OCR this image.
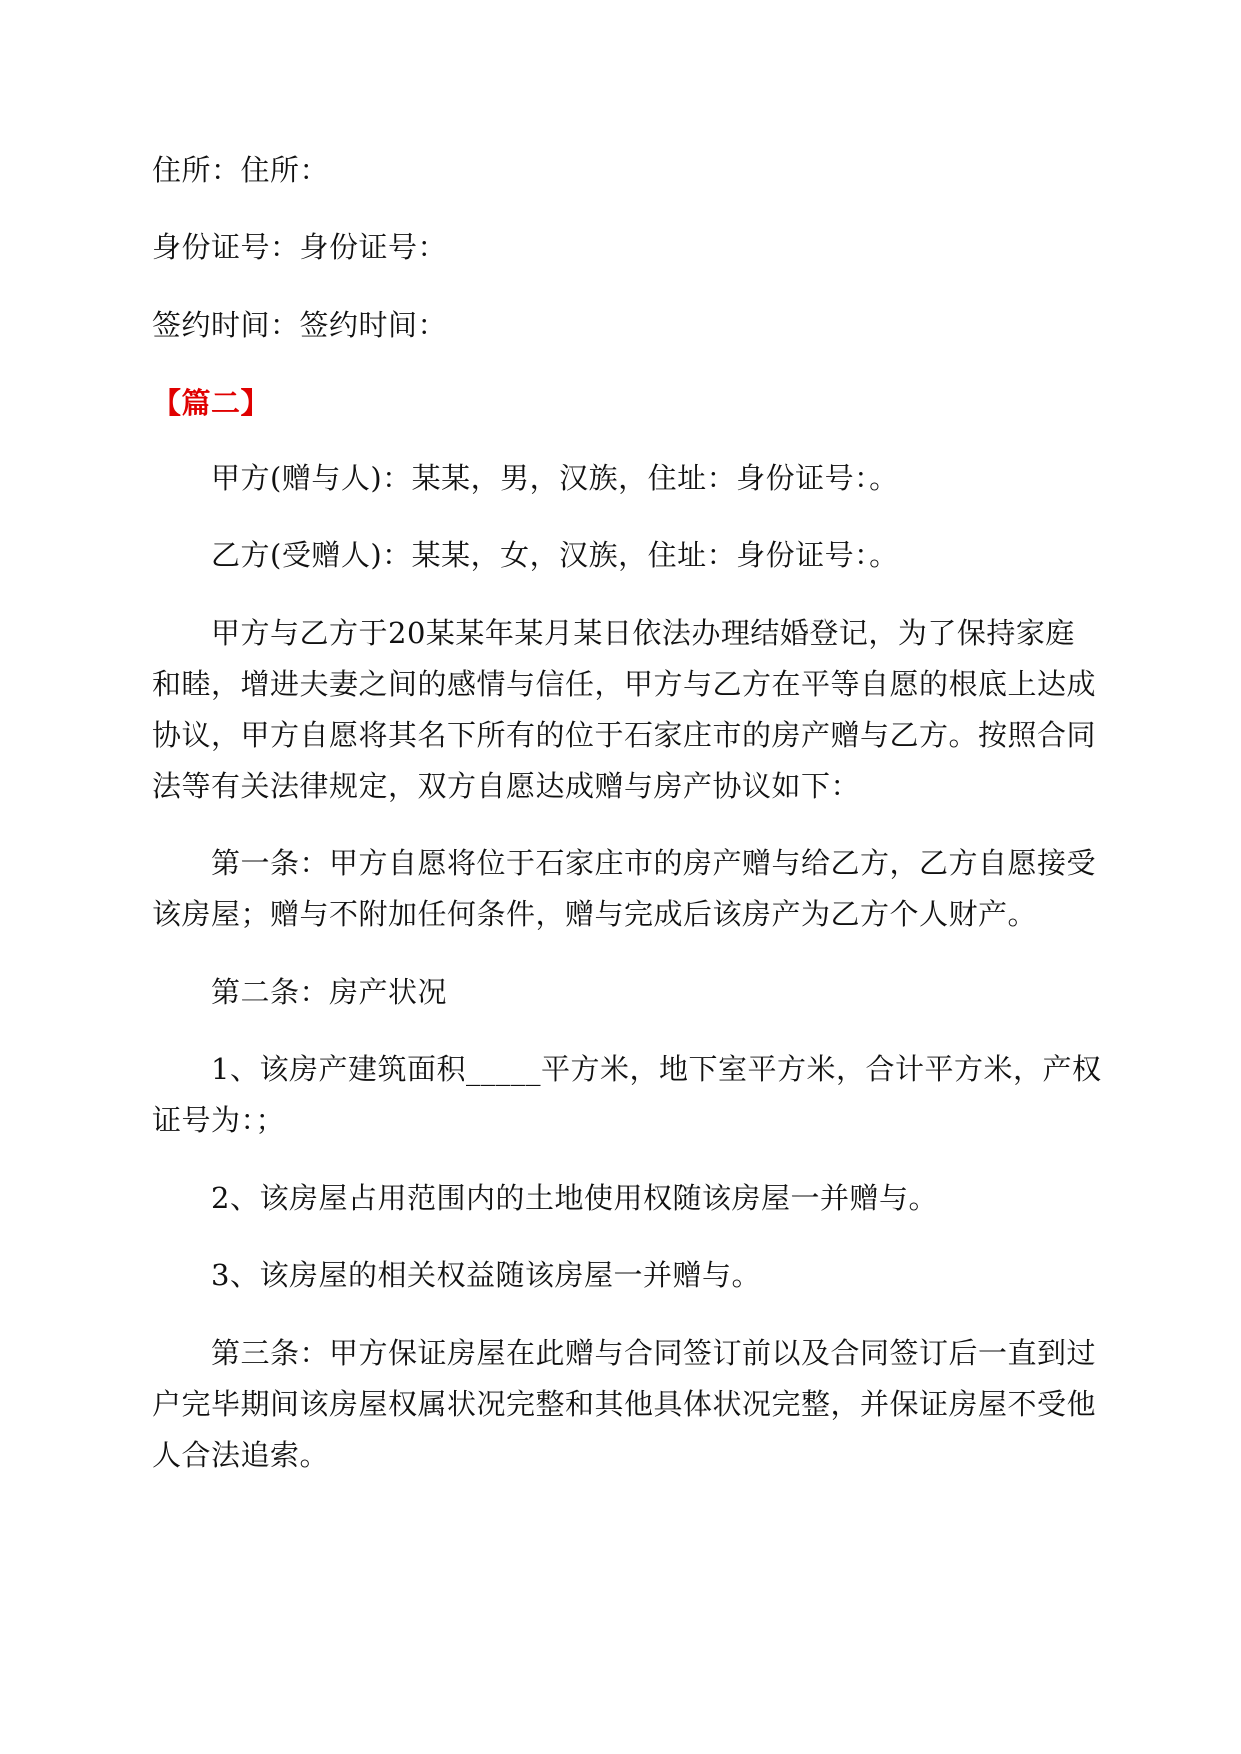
住所：住所：
身份证号：身份证号：
签约时间：签约时间：
【篇二】
甲方(赠与人)：某某，男，汉族，住址：身份证号：。
乙方(受赠人)：某某，女，汉族，住址：身份证号：。
甲方与乙方于20某某年某月某日依法办理结婚登记，为了保持家庭
和睦，增进夫妻之间的感情与信任，甲方与乙方在平等自愿的根底上达成
协议，甲方自愿将其名下所有的位于石家庄市的房产赠与乙方。按照合同
法等有关法律规定，双方自愿达成赠与房产协议如下：
第一条：甲方自愿将位于石家庄市的房产赠与给乙方，乙方自愿接受
该房屋；赠与不附加任何条件，赠与完成后该房产为乙方个人财产。
第二条：房产状况
1、该房产建筑面积_____平方米，地下室平方米，合计平方米，产权
证号为：；
2、该房屋占用范围内的土地使用权随该房屋一并赠与。
3、该房屋的相关权益随该房屋一并赠与。
第三条：甲方保证房屋在此赠与合同签订前以及合同签订后一直到过
户完毕期间该房屋权属状况完整和其他具体状况完整，并保证房屋不受他
人合法追索。
